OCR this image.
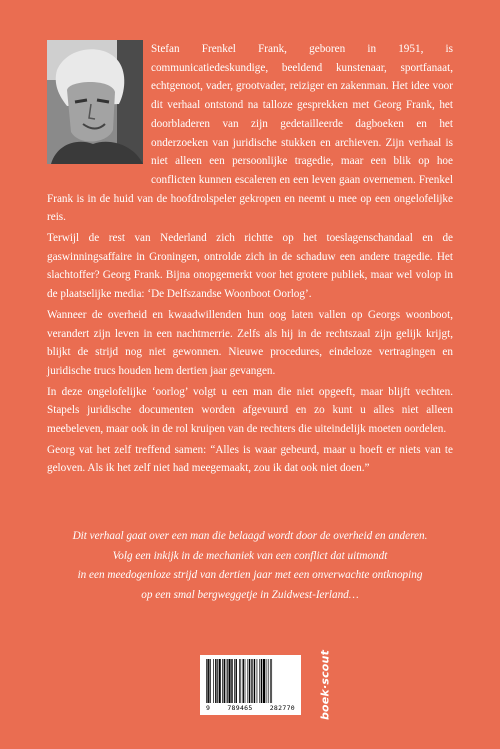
Stefan Frenkel Frank, geboren in 1951, is communicatiedeskundige, beeldend kunstenaar, sportfanaat, echtgenoot, vader, grootvader, reiziger en zakenman. Het idee voor dit verhaal ontstond na talloze gesprekken met Georg Frank, het doorbladeren van zijn gedetailleerde dagboeken en het onderzoeken van juridische stukken en archieven. Zijn verhaal is niet alleen een persoonlijke tragedie, maar een blik op hoe conflicten kunnen escaleren en een leven gaan overnemen. Frenkel Frank is in de huid van de hoofdrolspeler gekropen en neemt u mee op een ongelofelijke reis.

Terwijl de rest van Nederland zich richtte op het toeslagenschandaal en de gaswinningsaffaire in Groningen, ontrolde zich in de schaduw een andere tragedie. Het slachtoffer? Georg Frank. Bijna onopgemerkt voor het grotere publiek, maar wel volop in de plaatselijke media: ‘De Delfszandse Woonboot Oorlog’.

Wanneer de overheid en kwaadwillenden hun oog laten vallen op Georgs woonboot, verandert zijn leven in een nachtmerrie. Zelfs als hij in de rechtszaal zijn gelijk krijgt, blijkt de strijd nog niet gewonnen. Nieuwe procedures, eindeloze vertragingen en juridische trucs houden hem dertien jaar gevangen.

In deze ongelofelijke ‘oorlog’ volgt u een man die niet opgeeft, maar blijft vechten. Stapels juridische documenten worden afgevuurd en zo kunt u alles niet alleen meebeleven, maar ook in de rol kruipen van de rechters die uiteindelijk moeten oordelen.

Georg vat het zelf treffend samen: “Alles is waar gebeurd, maar u hoeft er niets van te geloven. Als ik het zelf niet had meegemaakt, zou ik dat ook niet doen.”

Dit verhaal gaat over een man die belaagd wordt door de overheid en anderen.
Volg een inkijk in de mechaniek van een conflict dat uitmondt
in een meedogenloze strijd van dertien jaar met een onverwachte ontknoping
op een smal bergweggetje in Zuidwest-Ierland…
9	789465	282770 boek·scout
